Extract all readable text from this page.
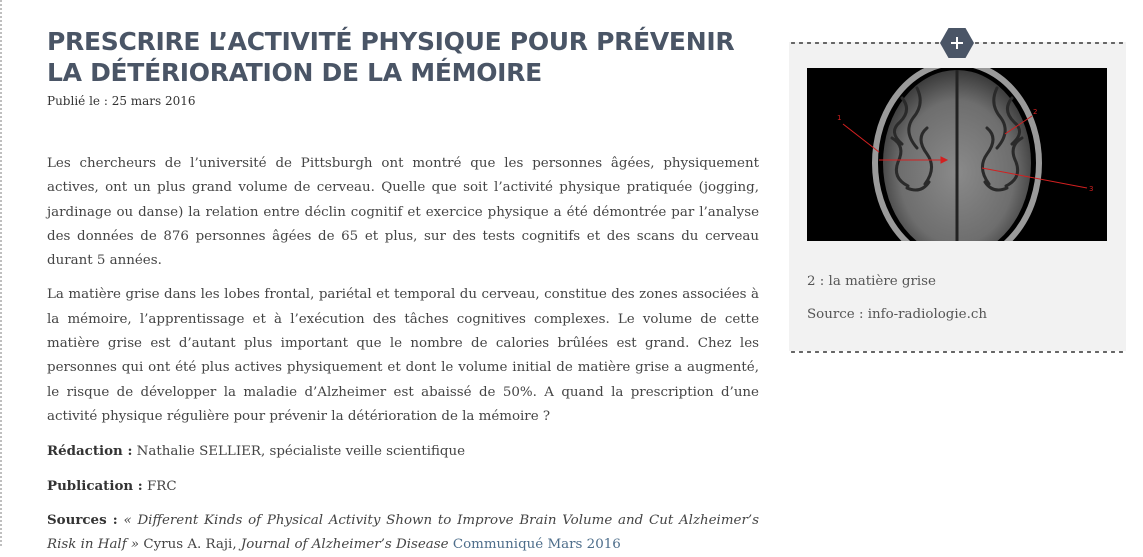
PRESCRIRE L’ACTIVITÉ PHYSIQUE POUR PRÉVENIR
LA DÉTÉRIORATION DE LA MÉMOIRE
Publié le : 25 mars 2016

Les chercheurs de l’université de Pittsburgh ont montré que les personnes âgées, physiquement actives, ont un plus grand volume de cerveau. Quelle que soit l’activité physique pratiquée (jogging, jardinage ou danse) la relation entre déclin cognitif et exercice physique a été démontrée par l’analyse des données de 876 personnes âgées de 65 et plus, sur des tests cognitifs et des scans du cerveau durant 5 années.

La matière grise dans les lobes frontal, pariétal et temporal du cerveau, constitue des zones associées à la mémoire, l’apprentissage et à l’exécution des tâches cognitives complexes. Le volume de cette matière grise est d’autant plus important que le nombre de calories brûlées est grand. Chez les personnes qui ont été plus actives physiquement et dont le volume initial de matière grise a augmenté, le risque de développer la maladie d’Alzheimer est abaissé de 50%. A quand la prescription d’une activité physique régulière pour prévenir la détérioration de la mémoire ?

Rédaction : Nathalie SELLIER, spécialiste veille scientifique

Publication : FRC

Sources : « Different Kinds of Physical Activity Shown to Improve Brain Volume and Cut Alzheimer’s Risk in Half » Cyrus A. Raji, Journal of Alzheimer’s Disease Communiqué Mars 2016

1
2
3
2 : la matière grise
Source : info-radiologie.ch
